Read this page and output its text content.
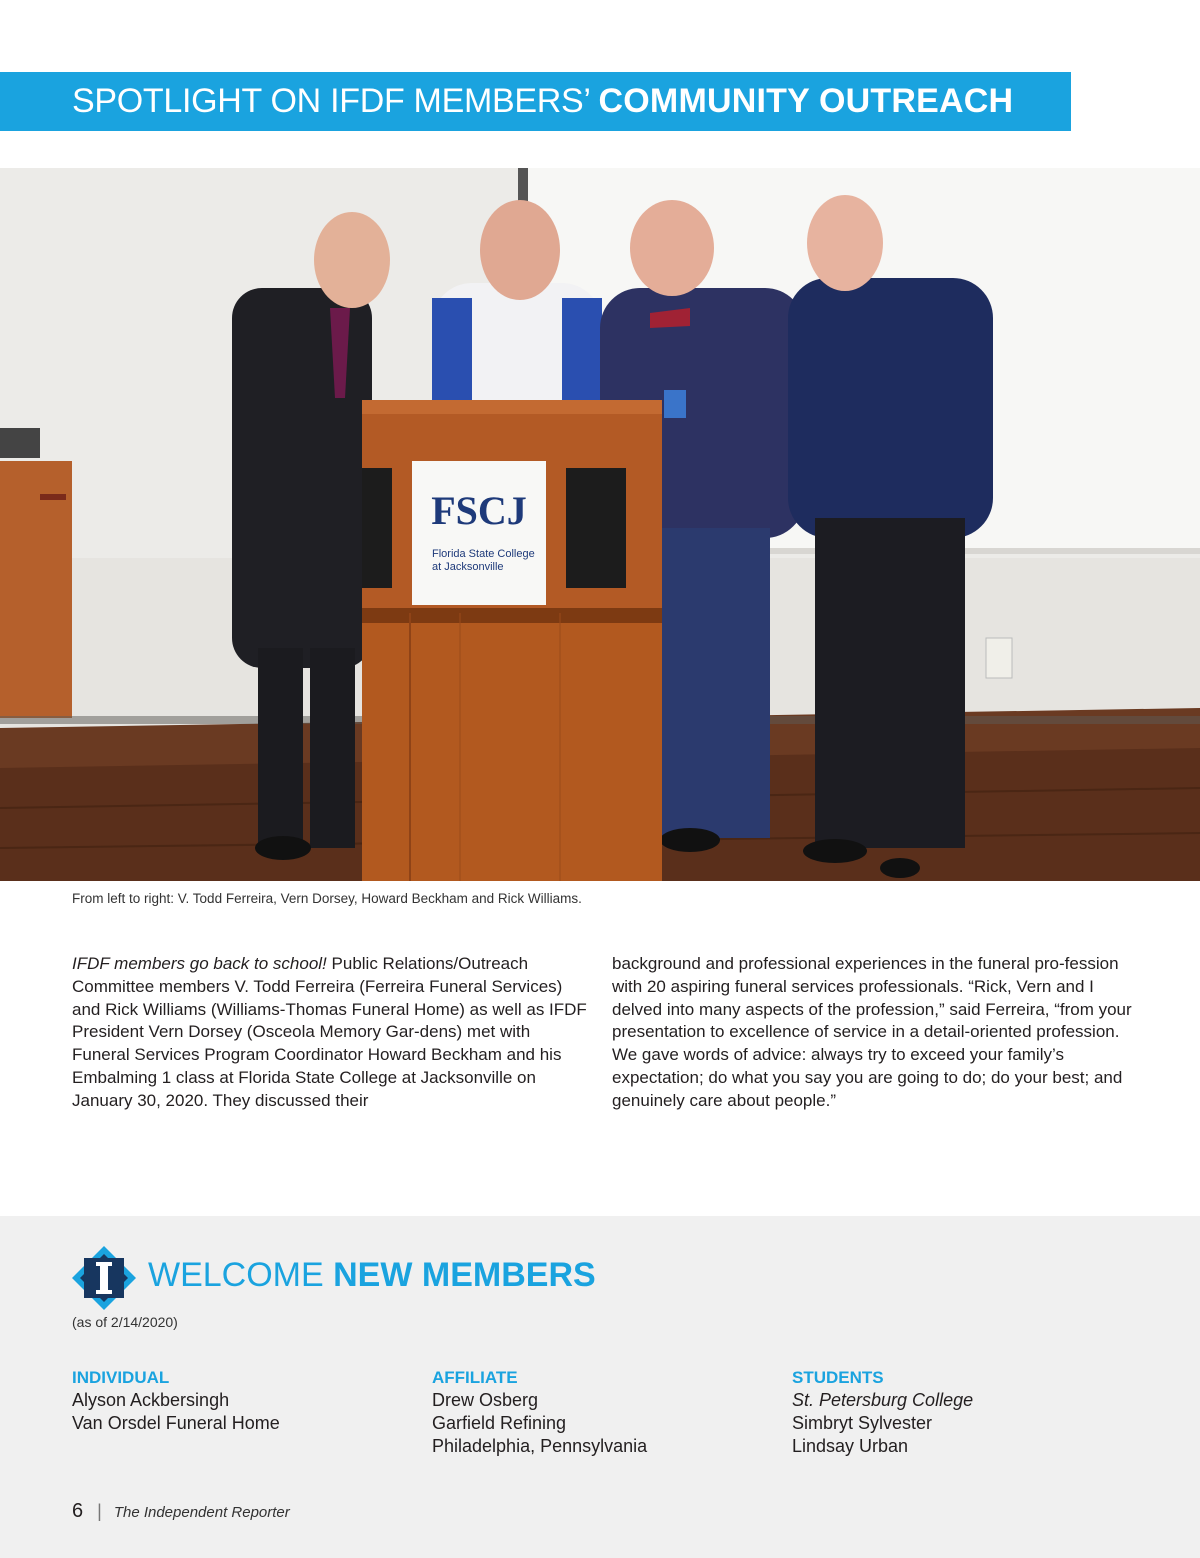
SPOTLIGHT ON IFDF MEMBERS’ COMMUNITY OUTREACH
FSCJ
Florida State College
at Jacksonville
From left to right: V. Todd Ferreira, Vern Dorsey, Howard Beckham and Rick Williams.

IFDF members go back to school! Public Relations/Outreach Committee members V. Todd Ferreira (Ferreira Funeral Services) and Rick Williams (Williams-Thomas Funeral Home) as well as IFDF President Vern Dorsey (Osceola Memory Gar-dens) met with Funeral Services Program Coordinator Howard Beckham and his Embalming 1 class at Florida State College at Jacksonville on January 30, 2020. They discussed their

background and professional experiences in the funeral pro-fession with 20 aspiring funeral services professionals. “Rick, Vern and I delved into many aspects of the profession,” said Ferreira, “from your presentation to excellence of service in a detail-oriented profession. We gave words of advice: always try to exceed your family’s expectation; do what you say you are going to do; do your best; and genuinely care about people.”

WELCOME NEW MEMBERS
(as of 2/14/2020)
INDIVIDUAL
Alyson Ackbersingh
Van Orsdel Funeral Home
AFFILIATE
Drew Osberg
Garfield Refining
Philadelphia, Pennsylvania
STUDENTS
St. Petersburg College
Simbryt Sylvester
Lindsay Urban
6 | The Independent Reporter
